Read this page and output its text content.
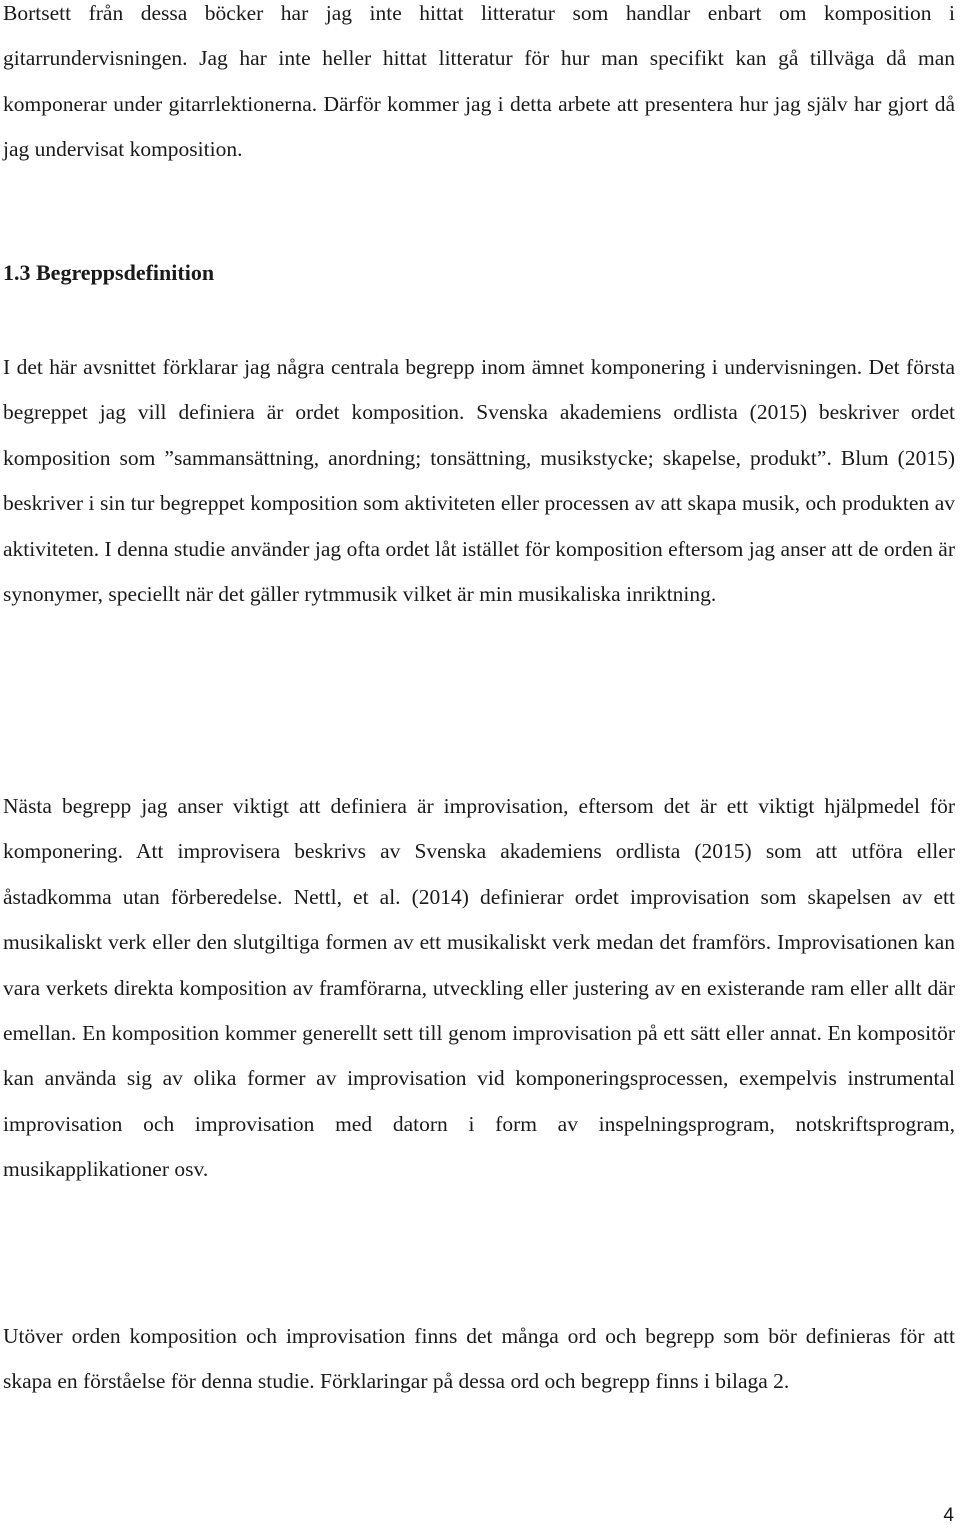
Bortsett från dessa böcker har jag inte hittat litteratur som handlar enbart om komposition i gitarrundervisningen. Jag har inte heller hittat litteratur för hur man specifikt kan gå tillväga då man komponerar under gitarrlektionerna. Därför kommer jag i detta arbete att presentera hur jag själv har gjort då jag undervisat komposition.

1.3 Begreppsdefinition

I det här avsnittet förklarar jag några centrala begrepp inom ämnet komponering i undervisningen. Det första begreppet jag vill definiera är ordet komposition. Svenska akademiens ordlista (2015) beskriver ordet komposition som ”sammansättning, anordning; tonsättning, musikstycke; skapelse, produkt”. Blum (2015) beskriver i sin tur begreppet komposition som aktiviteten eller processen av att skapa musik, och produkten av aktiviteten. I denna studie använder jag ofta ordet låt istället för komposition eftersom jag anser att de orden är synonymer, speciellt när det gäller rytmmusik vilket är min musikaliska inriktning.

Nästa begrepp jag anser viktigt att definiera är improvisation, eftersom det är ett viktigt hjälpmedel för komponering. Att improvisera beskrivs av Svenska akademiens ordlista (2015) som att utföra eller åstadkomma utan förberedelse. Nettl, et al. (2014) definierar ordet improvisation som skapelsen av ett musikaliskt verk eller den slutgiltiga formen av ett musikaliskt verk medan det framförs. Improvisationen kan vara verkets direkta komposition av framförarna, utveckling eller justering av en existerande ram eller allt där emellan. En komposition kommer generellt sett till genom improvisation på ett sätt eller annat. En kompositör kan använda sig av olika former av improvisation vid komponeringsprocessen, exempelvis instrumental improvisation och improvisation med datorn i form av inspelningsprogram, notskriftsprogram, musikapplikationer osv.

Utöver orden komposition och improvisation finns det många ord och begrepp som bör definieras för att skapa en förståelse för denna studie. Förklaringar på dessa ord och begrepp finns i bilaga 2.

4
